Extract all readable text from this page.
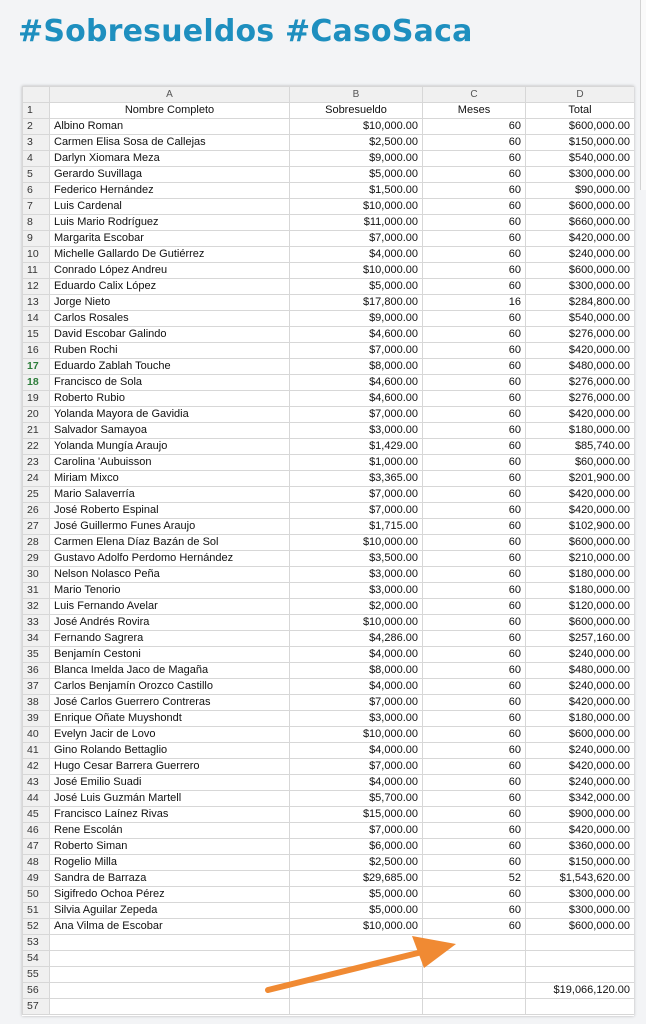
#Sobresueldos #CasoSaca
	A	B	C	D
1	Nombre Completo	Sobresueldo	Meses	Total
2	Albino Roman	$10,000.00	60	$600,000.00
3	Carmen Elisa Sosa de Callejas	$2,500.00	60	$150,000.00
4	Darlyn Xiomara Meza	$9,000.00	60	$540,000.00
5	Gerardo Suvillaga	$5,000.00	60	$300,000.00
6	Federico Hernández	$1,500.00	60	$90,000.00
7	Luis Cardenal	$10,000.00	60	$600,000.00
8	Luis Mario Rodríguez	$11,000.00	60	$660,000.00
9	Margarita Escobar	$7,000.00	60	$420,000.00
10	Michelle Gallardo De Gutiérrez	$4,000.00	60	$240,000.00
11	Conrado López Andreu	$10,000.00	60	$600,000.00
12	Eduardo Calix López	$5,000.00	60	$300,000.00
13	Jorge Nieto	$17,800.00	16	$284,800.00
14	Carlos Rosales	$9,000.00	60	$540,000.00
15	David Escobar Galindo	$4,600.00	60	$276,000.00
16	Ruben Rochi	$7,000.00	60	$420,000.00
17	Eduardo Zablah Touche	$8,000.00	60	$480,000.00
18	Francisco de Sola	$4,600.00	60	$276,000.00
19	Roberto Rubio	$4,600.00	60	$276,000.00
20	Yolanda Mayora de Gavidia	$7,000.00	60	$420,000.00
21	Salvador Samayoa	$3,000.00	60	$180,000.00
22	Yolanda Mungía Araujo	$1,429.00	60	$85,740.00
23	Carolina 'Aubuisson	$1,000.00	60	$60,000.00
24	Miriam Mixco	$3,365.00	60	$201,900.00
25	Mario Salaverría	$7,000.00	60	$420,000.00
26	José Roberto Espinal	$7,000.00	60	$420,000.00
27	José Guillermo Funes Araujo	$1,715.00	60	$102,900.00
28	Carmen Elena Díaz Bazán de Sol	$10,000.00	60	$600,000.00
29	Gustavo Adolfo Perdomo Hernández	$3,500.00	60	$210,000.00
30	Nelson Nolasco Peña	$3,000.00	60	$180,000.00
31	Mario Tenorio	$3,000.00	60	$180,000.00
32	Luis Fernando Avelar	$2,000.00	60	$120,000.00
33	José Andrés Rovira	$10,000.00	60	$600,000.00
34	Fernando Sagrera	$4,286.00	60	$257,160.00
35	Benjamín Cestoni	$4,000.00	60	$240,000.00
36	Blanca Imelda Jaco de Magaña	$8,000.00	60	$480,000.00
37	Carlos Benjamín Orozco Castillo	$4,000.00	60	$240,000.00
38	José Carlos Guerrero Contreras	$7,000.00	60	$420,000.00
39	Enrique Oñate Muyshondt	$3,000.00	60	$180,000.00
40	Evelyn Jacir de Lovo	$10,000.00	60	$600,000.00
41	Gino Rolando Bettaglio	$4,000.00	60	$240,000.00
42	Hugo Cesar Barrera Guerrero	$7,000.00	60	$420,000.00
43	José Emilio Suadi	$4,000.00	60	$240,000.00
44	José Luis Guzmán Martell	$5,700.00	60	$342,000.00
45	Francisco Laínez Rivas	$15,000.00	60	$900,000.00
46	Rene Escolán	$7,000.00	60	$420,000.00
47	Roberto Siman	$6,000.00	60	$360,000.00
48	Rogelio Milla	$2,500.00	60	$150,000.00
49	Sandra de Barraza	$29,685.00	52	$1,543,620.00
50	Sigifredo Ochoa Pérez	$5,000.00	60	$300,000.00
51	Silvia Aguilar Zepeda	$5,000.00	60	$300,000.00
52	Ana Vilma de Escobar	$10,000.00	60	$600,000.00
53				
54				
55				
56				$19,066,120.00
57				
